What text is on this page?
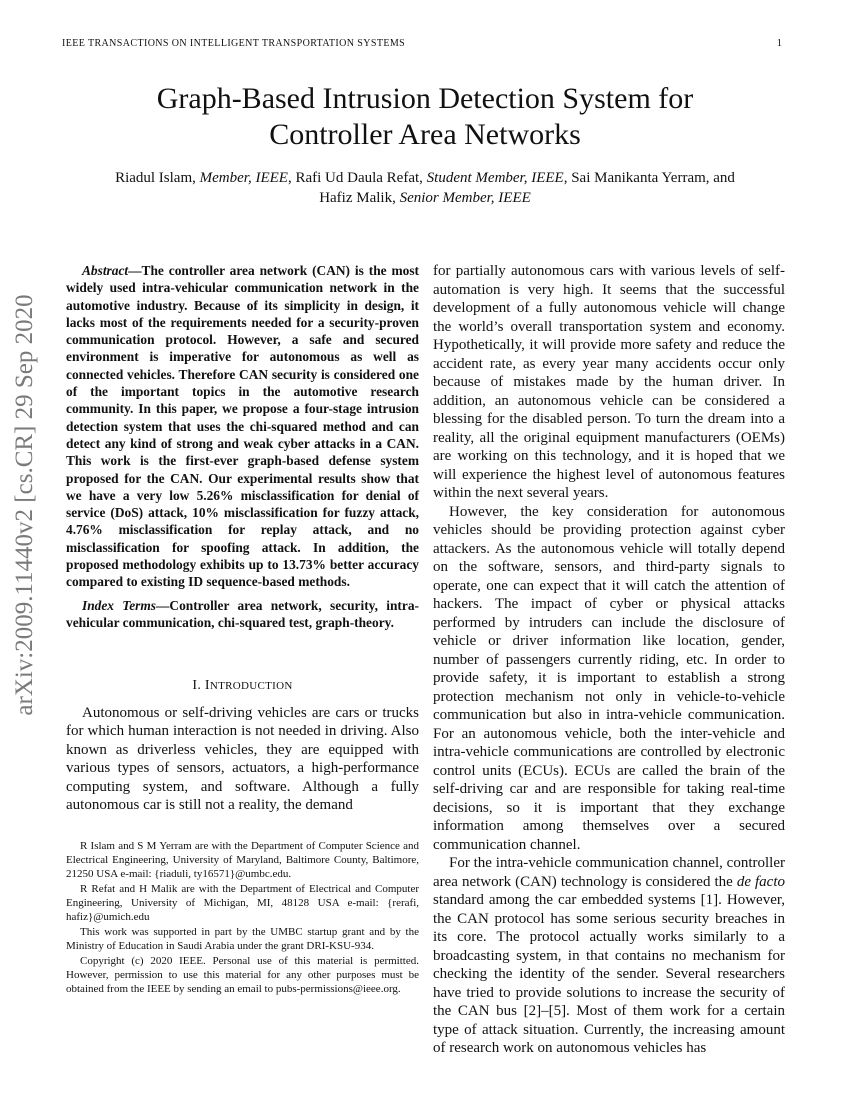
IEEE TRANSACTIONS ON INTELLIGENT TRANSPORTATION SYSTEMS	1
Graph-Based Intrusion Detection System for
Controller Area Networks
Riadul Islam, Member, IEEE, Rafi Ud Daula Refat, Student Member, IEEE, Sai Manikanta Yerram, and
Hafiz Malik, Senior Member, IEEE
arXiv:2009.11440v2 [cs.CR] 29 Sep 2020

Abstract—The controller area network (CAN) is the most widely used intra-vehicular communication network in the automotive industry. Because of its simplicity in design, it lacks most of the requirements needed for a security-proven communication protocol. However, a safe and secured environment is imperative for autonomous as well as connected vehicles. Therefore CAN security is considered one of the important topics in the automotive research community. In this paper, we propose a four-stage intrusion detection system that uses the chi-squared method and can detect any kind of strong and weak cyber attacks in a CAN. This work is the first-ever graph-based defense system proposed for the CAN. Our experimental results show that we have a very low 5.26% misclassification for denial of service (DoS) attack, 10% misclassification for fuzzy attack, 4.76% misclassification for replay attack, and no misclassification for spoofing attack. In addition, the proposed methodology exhibits up to 13.73% better accuracy compared to existing ID sequence-based methods.

Index Terms—Controller area network, security, intra-vehicular communication, chi-squared test, graph-theory.

I. INTRODUCTION

Autonomous or self-driving vehicles are cars or trucks for which human interaction is not needed in driving. Also known as driverless vehicles, they are equipped with various types of sensors, actuators, a high-performance computing system, and software. Although a fully autonomous car is still not a reality, the demand

R Islam and S M Yerram are with the Department of Computer Science and Electrical Engineering, University of Maryland, Baltimore County, Baltimore, 21250 USA e-mail: {riaduli, ty16571}@umbc.edu.

R Refat and H Malik are with the Department of Electrical and Computer Engineering, University of Michigan, MI, 48128 USA e-mail: {rerafi, hafiz}@umich.edu

This work was supported in part by the UMBC startup grant and by the Ministry of Education in Saudi Arabia under the grant DRI-KSU-934.

Copyright (c) 2020 IEEE. Personal use of this material is permitted. However, permission to use this material for any other purposes must be obtained from the IEEE by sending an email to pubs-permissions@ieee.org.

for partially autonomous cars with various levels of self-automation is very high. It seems that the successful development of a fully autonomous vehicle will change the world’s overall transportation system and economy. Hypothetically, it will provide more safety and reduce the accident rate, as every year many accidents occur only because of mistakes made by the human driver. In addition, an autonomous vehicle can be considered a blessing for the disabled person. To turn the dream into a reality, all the original equipment manufacturers (OEMs) are working on this technology, and it is hoped that we will experience the highest level of autonomous features within the next several years.

However, the key consideration for autonomous vehicles should be providing protection against cyber attackers. As the autonomous vehicle will totally depend on the software, sensors, and third-party signals to operate, one can expect that it will catch the attention of hackers. The impact of cyber or physical attacks performed by intruders can include the disclosure of vehicle or driver information like location, gender, number of passengers currently riding, etc. In order to provide safety, it is important to establish a strong protection mechanism not only in vehicle-to-vehicle communication but also in intra-vehicle communication. For an autonomous vehicle, both the inter-vehicle and intra-vehicle communications are controlled by electronic control units (ECUs). ECUs are called the brain of the self-driving car and are responsible for taking real-time decisions, so it is important that they exchange information among themselves over a secured communication channel.

For the intra-vehicle communication channel, controller area network (CAN) technology is considered the de facto standard among the car embedded systems [1]. However, the CAN protocol has some serious security breaches in its core. The protocol actually works similarly to a broadcasting system, in that contains no mechanism for checking the identity of the sender. Several researchers have tried to provide solutions to increase the security of the CAN bus [2]–[5]. Most of them work for a certain type of attack situation. Currently, the increasing amount of research work on autonomous vehicles has
